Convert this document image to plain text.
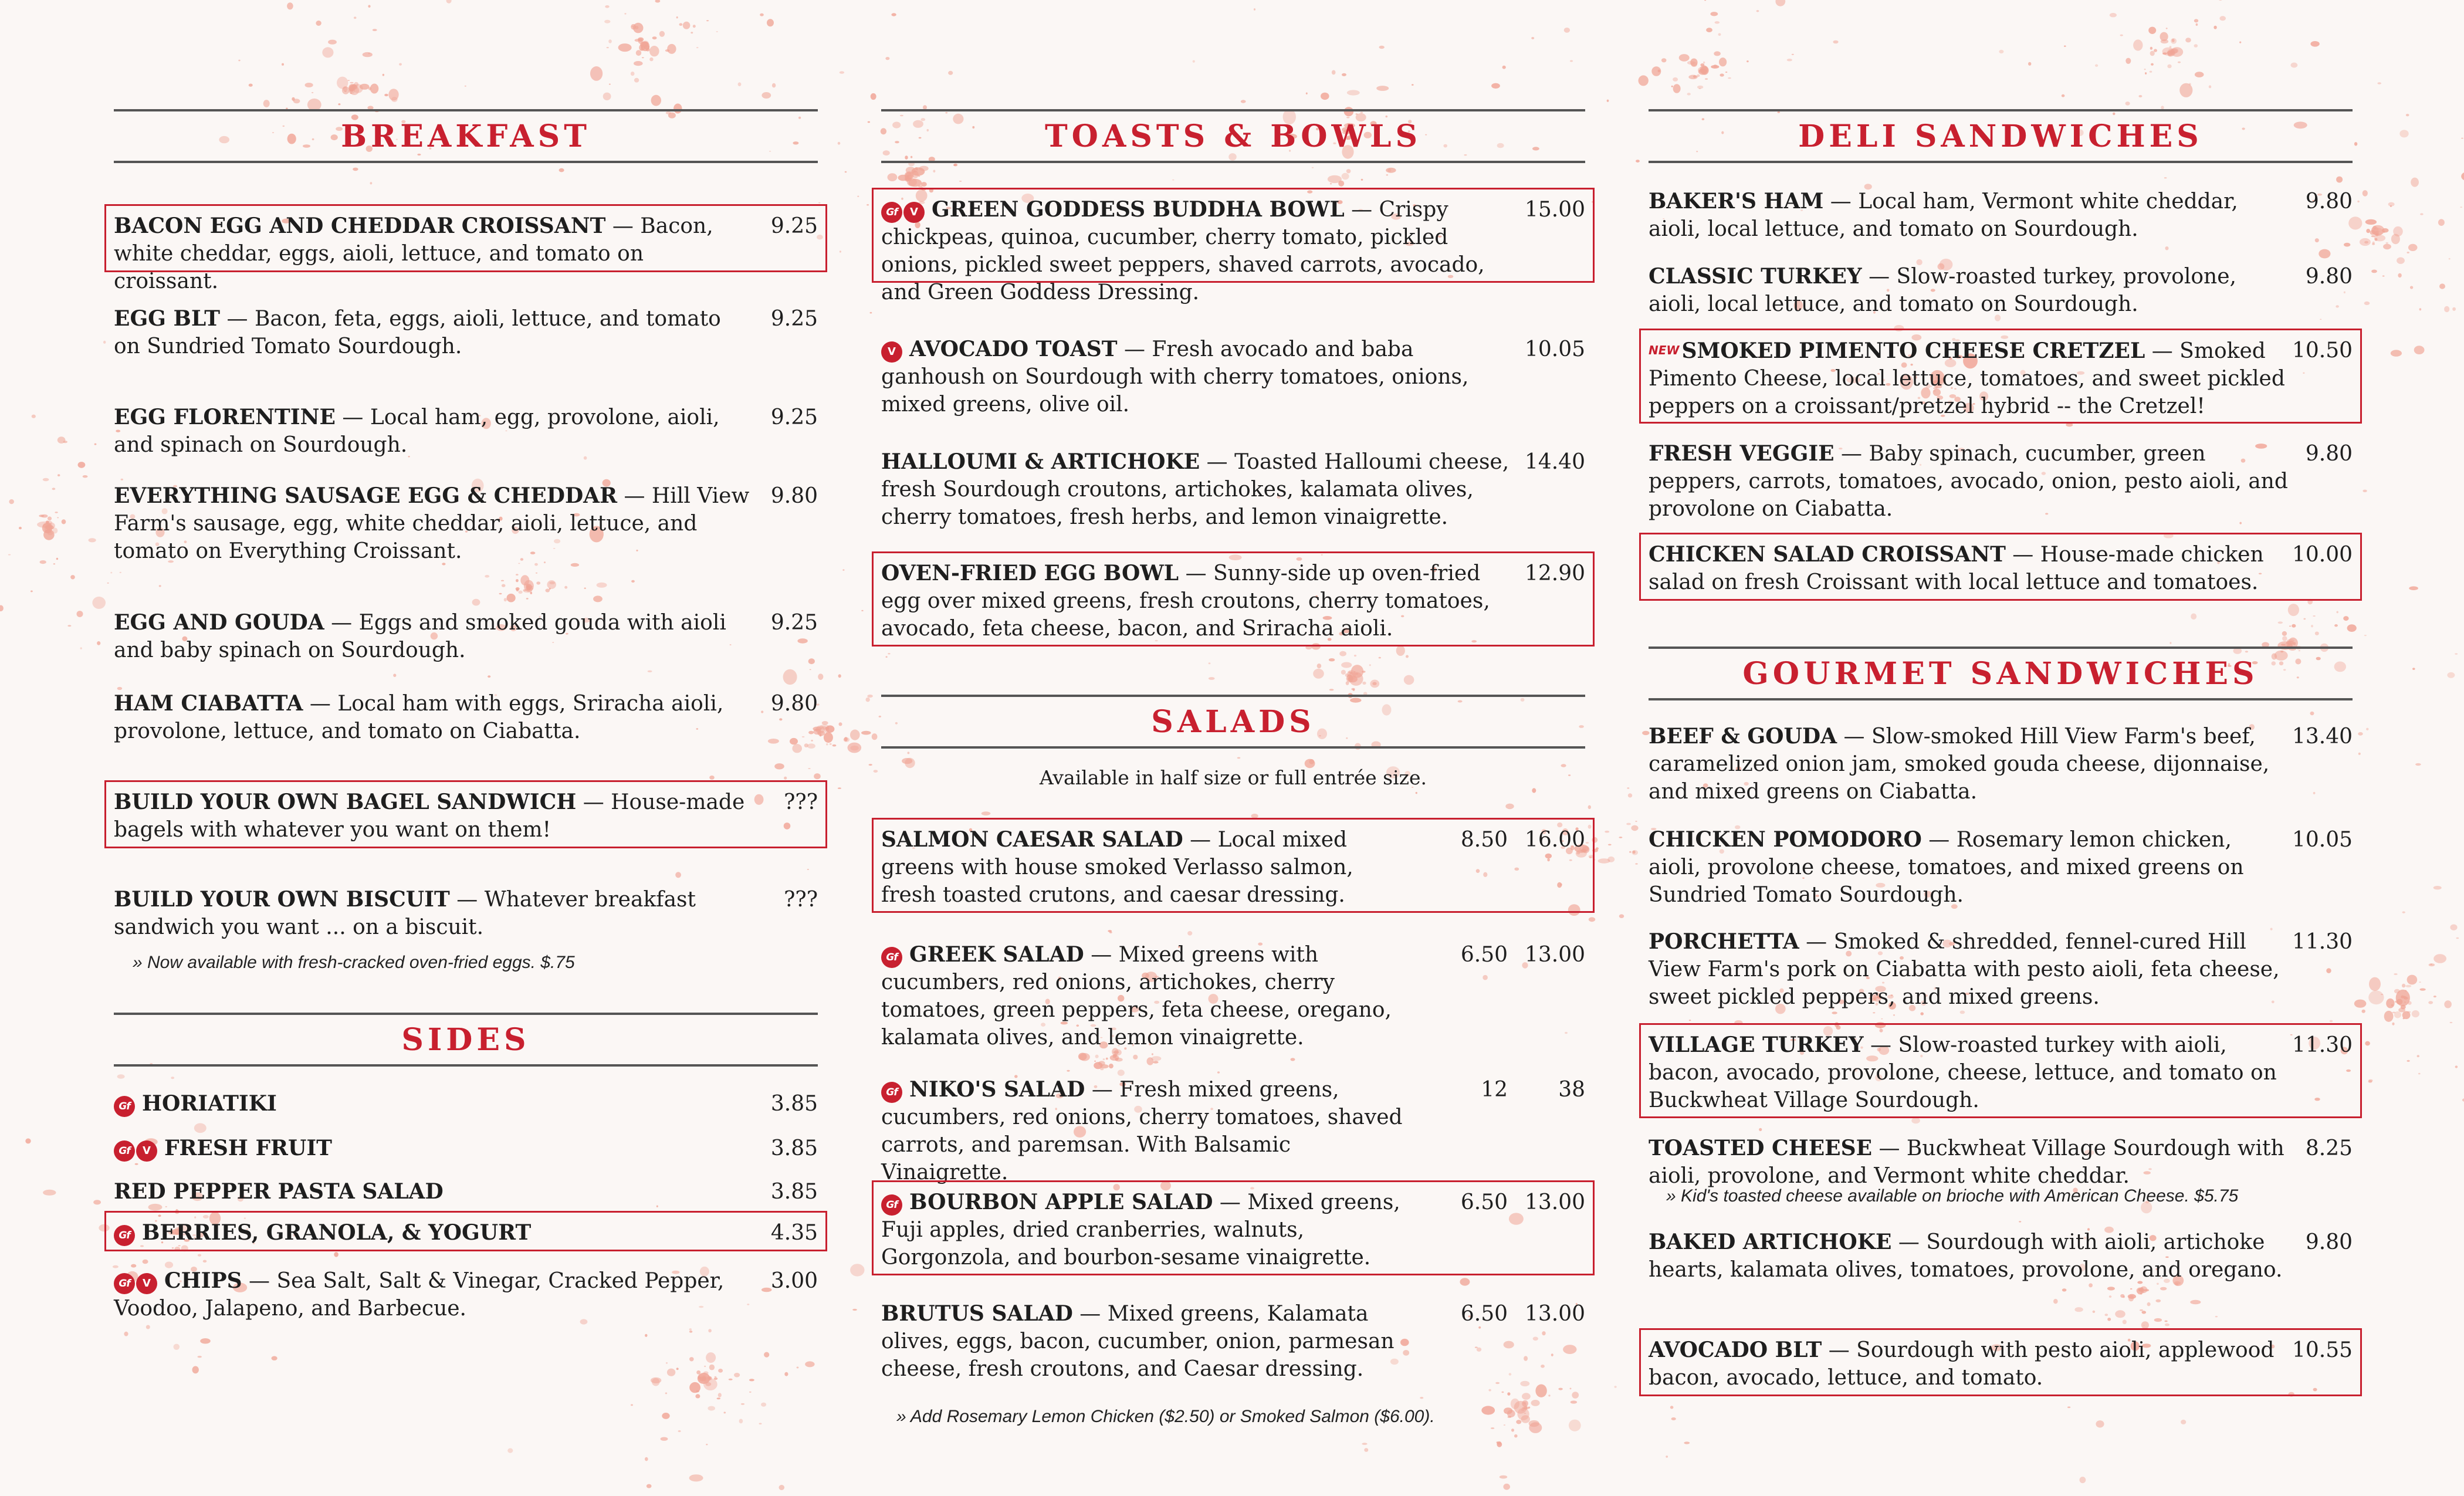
BREAKFAST
BACON EGG AND CHEDDAR CROISSANT — Bacon, white cheddar, eggs, aioli, lettuce, and tomato on croissant.
9.25
EGG BLT — Bacon, feta, eggs, aioli, lettuce, and tomato on Sundried Tomato Sourdough.
9.25
EGG FLORENTINE — Local ham, egg, provolone, aioli, and spinach on Sourdough.
9.25
EVERYTHING SAUSAGE EGG & CHEDDAR — Hill View Farm's sausage, egg, white cheddar, aioli, lettuce, and tomato on Everything Croissant.
9.80
EGG AND GOUDA — Eggs and smoked gouda with aioli and baby spinach on Sourdough.
9.25
HAM CIABATTA — Local ham with eggs, Sriracha aioli, provolone, lettuce, and tomato on Ciabatta.
9.80
BUILD YOUR OWN BAGEL SANDWICH — House-made bagels with whatever you want on them!
???
BUILD YOUR OWN BISCUIT — Whatever breakfast sandwich you want ... on a biscuit.
???
» Now available with fresh-cracked oven-fried eggs. $.75
SIDES
Gf HORIATIKI	3.85
Gf V FRESH FRUIT	3.85
RED PEPPER PASTA SALAD	3.85
Gf BERRIES, GRANOLA, & YOGURT	4.35
Gf V CHIPS — Sea Salt, Salt & Vinegar, Cracked Pepper, Voodoo, Jalapeno, and Barbecue.
3.00
TOASTS & BOWLS
Gf V GREEN GODDESS BUDDHA BOWL — Crispy chickpeas, quinoa, cucumber, cherry tomato, pickled onions, pickled sweet peppers, shaved carrots, avocado, and Green Goddess Dressing.
15.00
V AVOCADO TOAST — Fresh avocado and baba ganhoush on Sourdough with cherry tomatoes, onions, mixed greens, olive oil.
10.05
HALLOUMI & ARTICHOKE — Toasted Halloumi cheese, fresh Sourdough croutons, artichokes, kalamata olives, cherry tomatoes, fresh herbs, and lemon vinaigrette.
14.40
OVEN-FRIED EGG BOWL — Sunny-side up oven-fried egg over mixed greens, fresh croutons, cherry tomatoes, avocado, feta cheese, bacon, and Sriracha aioli.
12.90
SALADS
Available in half size or full entrée size.
SALMON CAESAR SALAD — Local mixed greens with house smoked Verlasso salmon, fresh toasted crutons, and caesar dressing.
8.50 16.00
Gf GREEK SALAD — Mixed greens with cucumbers, red onions, artichokes, cherry tomatoes, green peppers, feta cheese, oregano, kalamata olives, and lemon vinaigrette.
6.50 13.00
Gf NIKO'S SALAD — Fresh mixed greens, cucumbers, red onions, cherry tomatoes, shaved carrots, and paremsan. With Balsamic Vinaigrette.
12	38
Gf BOURBON APPLE SALAD — Mixed greens, Fuji apples, dried cranberries, walnuts, Gorgonzola, and bourbon-sesame vinaigrette.
6.50 13.00
BRUTUS SALAD — Mixed greens, Kalamata olives, eggs, bacon, cucumber, onion, parmesan cheese, fresh croutons, and Caesar dressing.
6.50 13.00
» Add Rosemary Lemon Chicken ($2.50) or Smoked Salmon ($6.00).
DELI SANDWICHES
BAKER'S HAM — Local ham, Vermont white cheddar, aioli, local lettuce, and tomato on Sourdough.
9.80
CLASSIC TURKEY — Slow-roasted turkey, provolone, aioli, local lettuce, and tomato on Sourdough.
9.80
NEW SMOKED PIMENTO CHEESE CRETZEL — Smoked Pimento Cheese, local lettuce, tomatoes, and sweet pickled peppers on a croissant/pretzel hybrid -- the Cretzel!
10.50
FRESH VEGGIE — Baby spinach, cucumber, green peppers, carrots, tomatoes, avocado, onion, pesto aioli, and provolone on Ciabatta.
9.80
CHICKEN SALAD CROISSANT — House-made chicken salad on fresh Croissant with local lettuce and tomatoes.
10.00
GOURMET SANDWICHES
BEEF & GOUDA — Slow-smoked Hill View Farm's beef, caramelized onion jam, smoked gouda cheese, dijonnaise, and mixed greens on Ciabatta.
13.40
CHICKEN POMODORO — Rosemary lemon chicken, aioli, provolone cheese, tomatoes, and mixed greens on Sundried Tomato Sourdough.
10.05
PORCHETTA — Smoked & shredded, fennel-cured Hill View Farm's pork on Ciabatta with pesto aioli, feta cheese, sweet pickled peppers, and mixed greens.
11.30
VILLAGE TURKEY — Slow-roasted turkey with aioli, bacon, avocado, provolone, cheese, lettuce, and tomato on Buckwheat Village Sourdough.
11.30
TOASTED CHEESE — Buckwheat Village Sourdough with aioli, provolone, and Vermont white cheddar.
8.25
BAKED ARTICHOKE — Sourdough with aioli, artichoke hearts, kalamata olives, tomatoes, provolone, and oregano.
9.80
AVOCADO BLT — Sourdough with pesto aioli, applewood bacon, avocado, lettuce, and tomato.
10.55
» Kid's toasted cheese available on brioche with American Cheese. $5.75
